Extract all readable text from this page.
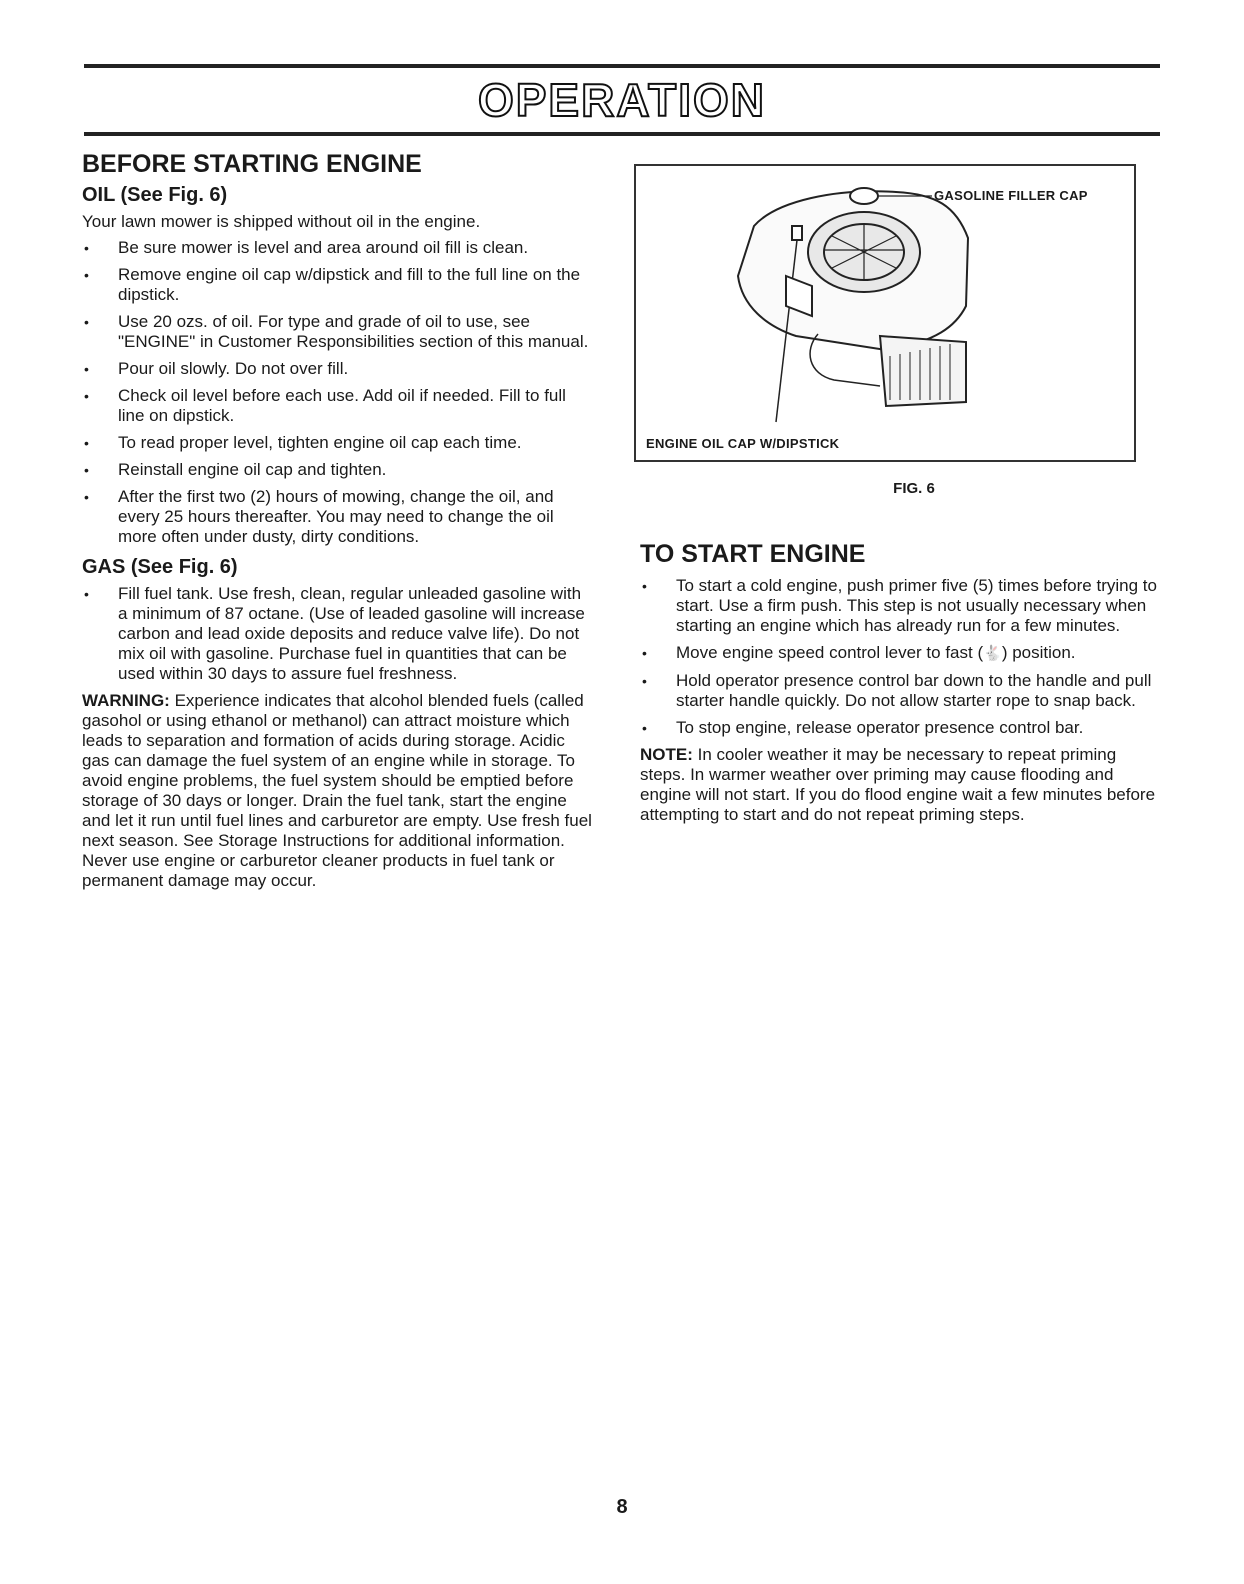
OPERATION
BEFORE STARTING ENGINE
OIL (See Fig. 6)

Your lawn mower is shipped without oil in the engine.

• Be sure mower is level and area around oil fill is clean.
• Remove engine oil cap w/dipstick and fill to the full line on the dipstick.
• Use 20 ozs. of oil. For type and grade of oil to use, see "ENGINE" in Customer Responsibilities section of this manual.
• Pour oil slowly. Do not over fill.
• Check oil level before each use. Add oil if needed. Fill to full line on dipstick.
• To read proper level, tighten engine oil cap each time.
• Reinstall engine oil cap and tighten.
• After the first two (2) hours of mowing, change the oil, and every 25 hours thereafter. You may need to change the oil more often under dusty, dirty conditions.
GAS (See Fig. 6)
• Fill fuel tank. Use fresh, clean, regular unleaded gasoline with a minimum of 87 octane. (Use of leaded gasoline will increase carbon and lead oxide deposits and reduce valve life). Do not mix oil with gasoline. Purchase fuel in quantities that can be used within 30 days to assure fuel freshness.

WARNING: Experience indicates that alcohol blended fuels (called gasohol or using ethanol or methanol) can attract moisture which leads to separation and formation of acids during storage. Acidic gas can damage the fuel system of an engine while in storage. To avoid engine problems, the fuel system should be emptied before storage of 30 days or longer. Drain the fuel tank, start the engine and let it run until fuel lines and carburetor are empty. Use fresh fuel next season. See Storage Instructions for additional information. Never use engine or carburetor cleaner products in fuel tank or permanent damage may occur.

GASOLINE FILLER CAP
ENGINE OIL CAP W/DIPSTICK
FIG. 6
TO START ENGINE
• To start a cold engine, push primer five (5) times before trying to start. Use a firm push. This step is not usually necessary when starting an engine which has already run for a few minutes.
• Move engine speed control lever to fast (🐇) position.
• Hold operator presence control bar down to the handle and pull starter handle quickly. Do not allow starter rope to snap back.
• To stop engine, release operator presence control bar.

NOTE: In cooler weather it may be necessary to repeat priming steps. In warmer weather over priming may cause flooding and engine will not start. If you do flood engine wait a few minutes before attempting to start and do not repeat priming steps.

8
